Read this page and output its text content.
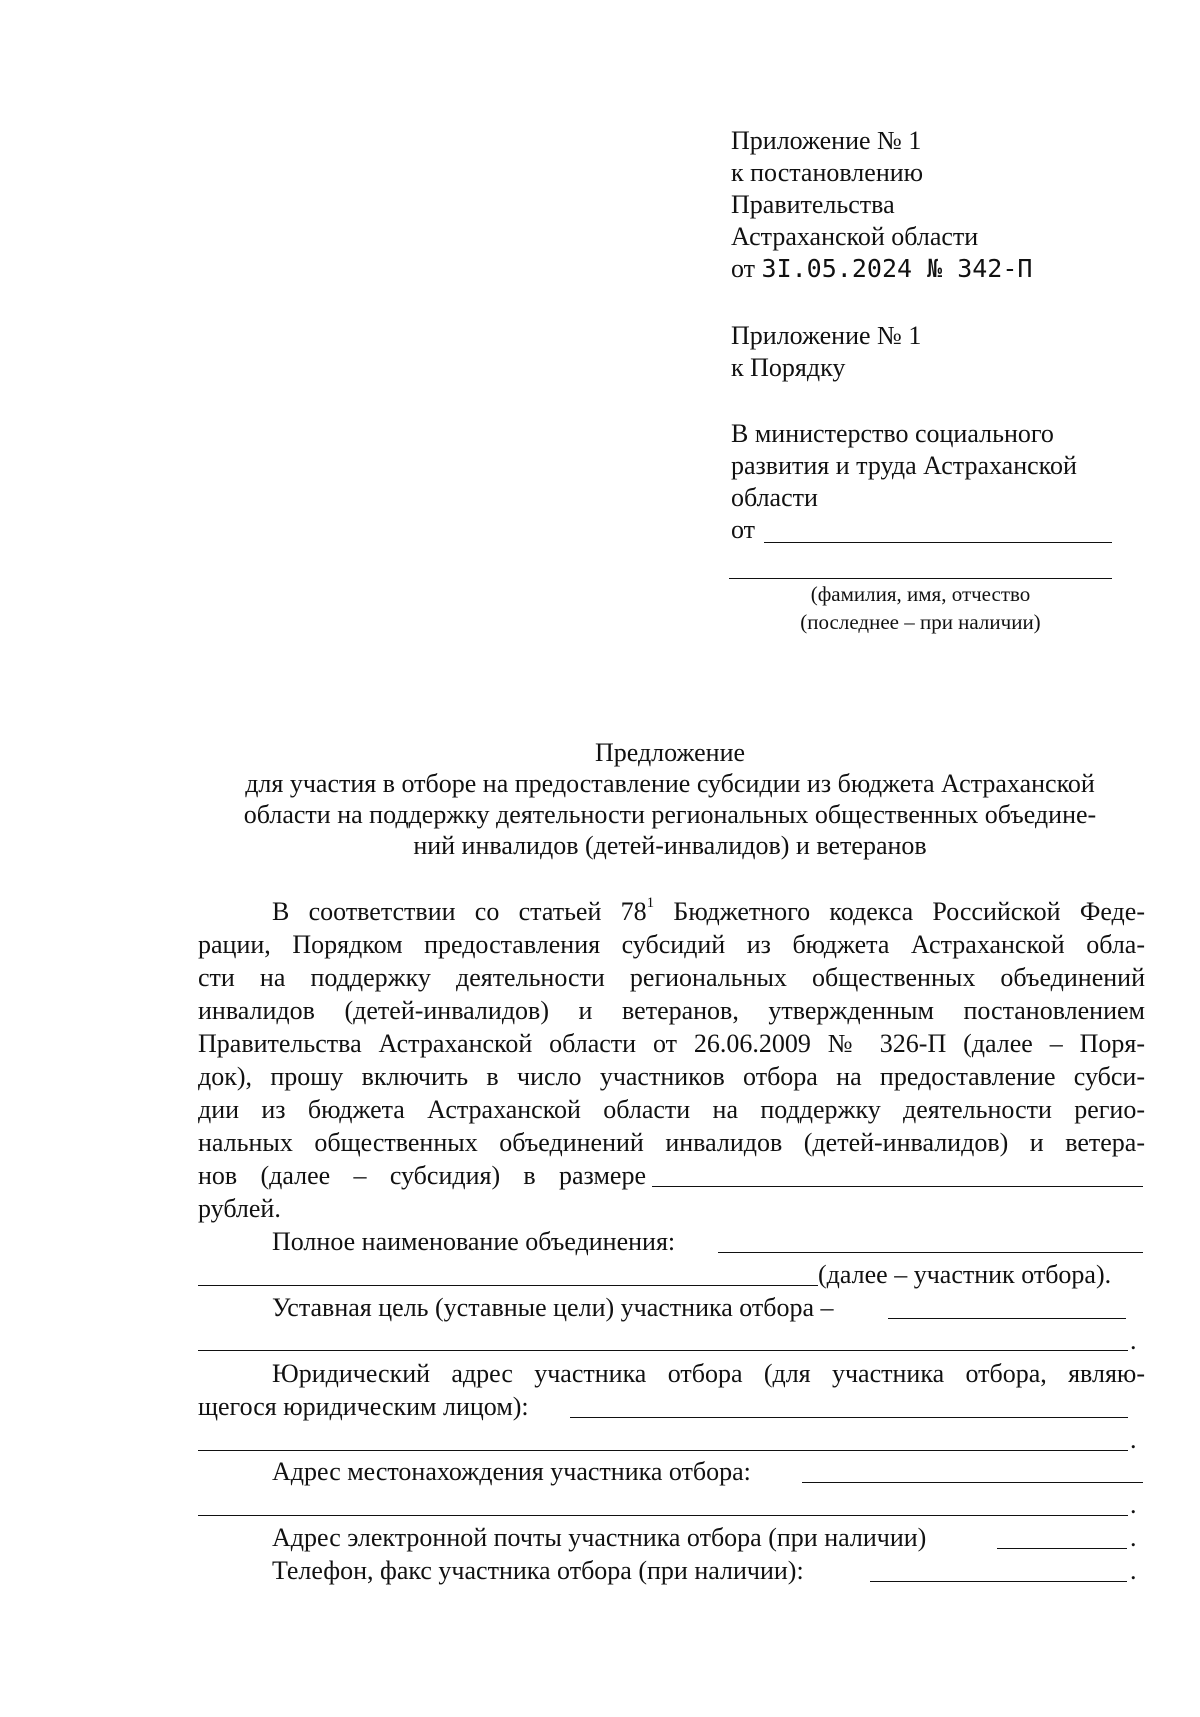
Приложение № 1
к постановлению
Правительства
Астраханской области
от 3I.05.2024 № 342-П
Приложение № 1
к Порядку
В министерство социального
развития и труда Астраханской
области
от
(фамилия, имя, отчество
(последнее – при наличии)
Предложение
для участия в отборе на предоставление субсидии из бюджета Астраханской
области на поддержку деятельности региональных общественных объедине-
ний инвалидов (детей-инвалидов) и ветеранов
В соответствии со статьей $78^1$ Бюджетного кодекса Российской Феде-
рации, Порядком предоставления субсидий из бюджета Астраханской обла-
сти на поддержку деятельности региональных общественных объединений
инвалидов (детей-инвалидов) и ветеранов, утвержденным постановлением
Правительства Астраханской области от 26.06.2009 № 326-П (далее – Поря-
док), прошу включить в число участников отбора на предоставление субси-
дии из бюджета Астраханской области на поддержку деятельности регио-
нальных общественных объединений инвалидов (детей-инвалидов) и ветера-
нов (далее – субсидия) в размере
рублей.
Полное наименование объединения:
(далее – участник отбора).
Уставная цель (уставные цели) участника отбора –
.
Юридический адрес участника отбора (для участника отбора, являю-
щегося юридическим лицом):
.
Адрес местонахождения участника отбора:
.
Адрес электронной почты участника отбора (при наличии)	.
Телефон, факс участника отбора (при наличии):	.
